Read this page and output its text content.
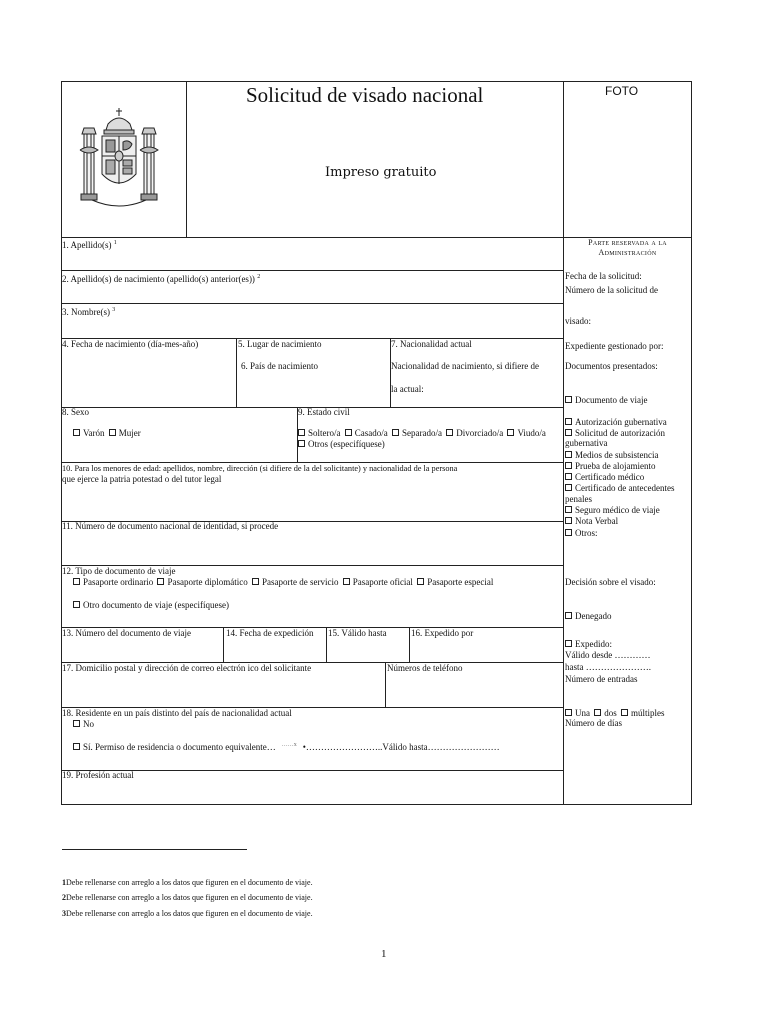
Solicitud de visado nacional
Impreso gratuito
FOTO
1. Apellido(s) $^1$
2. Apellido(s) de nacimiento (apellido(s) anterior(es)) $^2$
3. Nombre(s) $^3$
4. Fecha de nacimiento (día-mes-año)	5. Lugar de nacimiento
6. País de nacimiento
7. Nacionalidad actual
Nacionalidad de nacimiento, si difiere de
la actual:
8. Sexo
Varón Mujer
9. Estado civil
Soltero/a Casado/a Separado/a Divorciado/a Viudo/a
Otros (especifíquese)
10. Para los menores de edad: apellidos, nombre, dirección (si difiere de la del solicitante) y nacionalidad de la persona
que ejerce la patria potestad o del tutor legal
11. Número de documento nacional de identidad, si procede
12. Tipo de documento de viaje
Pasaporte ordinario Pasaporte diplomático Pasaporte de servicio Pasaporte oficial Pasaporte especial
Otro documento de viaje (especifíquese)
13. Número del documento de viaje	14. Fecha de expedición 15. Válido hasta	16. Expedido por
17. Domicilio postal y dirección de correo electrón ico del solicitante	Números de teléfono
18. Residente en un país distinto del país de nacionalidad actual
No
Sí. Permiso de residencia o documento equivalente… $^{\dots\dots x}$ •……………………..Válido hasta……………………
19. Profesión actual
Parte reservada a la
Administración
Fecha de la solicitud:
Número de la solicitud de
visado:
Expediente gestionado por:
Documentos presentados:
Documento de viaje
Autorización gubernativa
Solicitud de autorización
gubernativa
Medios de subsistencia
Prueba de alojamiento
Certificado médico
Certificado de antecedentes
penales
Seguro médico de viaje
Nota Verbal
Otros:
Decisión sobre el visado:
Denegado
Expedido:
Válido desde …………
hasta ………………….
Número de entradas
Una dos múltiples
Número de días
1Debe rellenarse con arreglo a los datos que figuren en el documento de viaje.
2Debe rellenarse con arreglo a los datos que figuren en el documento de viaje.
3Debe rellenarse con arreglo a los datos que figuren en el documento de viaje.
1
